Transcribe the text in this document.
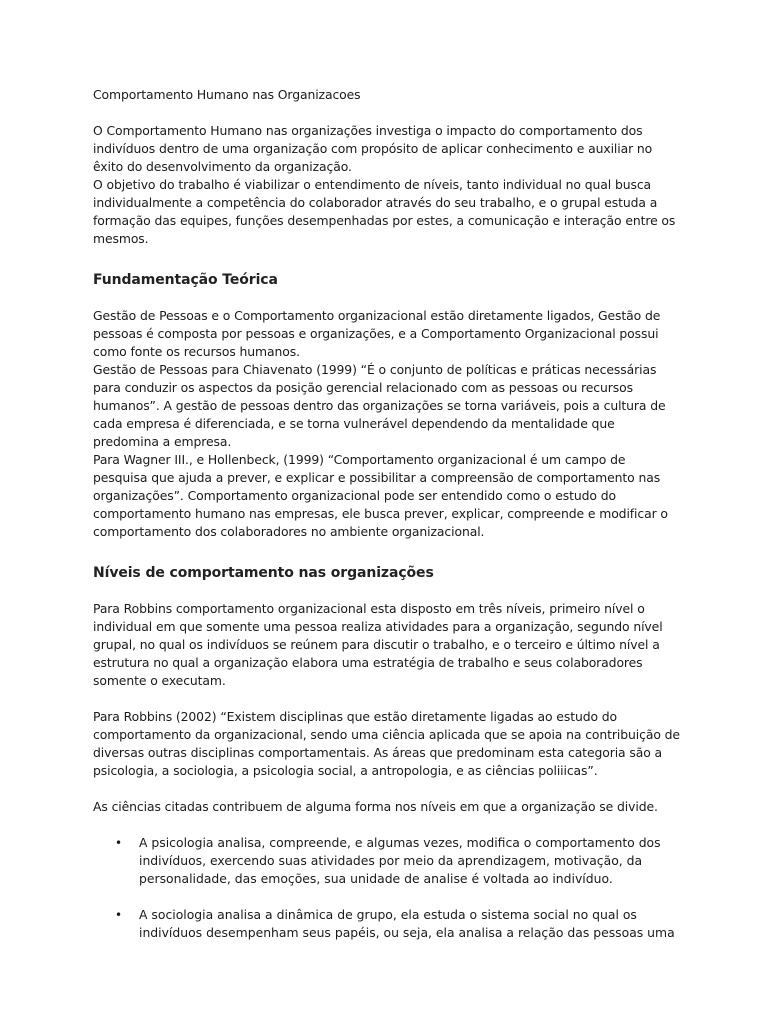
Comportamento Humano nas Organizacoes

O Comportamento Humano nas organizações investiga o impacto do comportamento dos indivíduos dentro de uma organização com propósito de aplicar conhecimento e auxiliar no êxito do desenvolvimento da organização.

O objetivo do trabalho é viabilizar o entendimento de níveis, tanto individual no qual busca individualmente a competência do colaborador através do seu trabalho, e o grupal estuda a formação das equipes, funções desempenhadas por estes, a comunicação e interação entre os mesmos.

Fundamentação Teórica

Gestão de Pessoas e o Comportamento organizacional estão diretamente ligados, Gestão de pessoas é composta por pessoas e organizações, e a Comportamento Organizacional possui como fonte os recursos humanos.

Gestão de Pessoas para Chiavenato (1999) “É o conjunto de políticas e práticas necessárias para conduzir os aspectos da posição gerencial relacionado com as pessoas ou recursos humanos”. A gestão de pessoas dentro das organizações se torna variáveis, pois a cultura de cada empresa é diferenciada, e se torna vulnerável dependendo da mentalidade que predomina a empresa.

Para Wagner III., e Hollenbeck, (1999) “Comportamento organizacional é um campo de pesquisa que ajuda a prever, e explicar e possibilitar a compreensão de comportamento nas organizações”. Comportamento organizacional pode ser entendido como o estudo do comportamento humano nas empresas, ele busca prever, explicar, compreende e modificar o comportamento dos colaboradores no ambiente organizacional.

Níveis de comportamento nas organizações

Para Robbins comportamento organizacional esta disposto em três níveis, primeiro nível o individual em que somente uma pessoa realiza atividades para a organização, segundo nível grupal, no qual os indivíduos se reúnem para discutir o trabalho, e o terceiro e último nível a estrutura no qual a organização elabora uma estratégia de trabalho e seus colaboradores somente o executam.

Para Robbins (2002) “Existem disciplinas que estão diretamente ligadas ao estudo do comportamento da organizacional, sendo uma ciência aplicada que se apoia na contribuição de diversas outras disciplinas comportamentais. As áreas que predominam esta categoria são a psicologia, a sociologia, a psicologia social, a antropologia, e as ciências poliiicas”.

As ciências citadas contribuem de alguma forma nos níveis em que a organização se divide.

• A psicologia analisa, compreende, e algumas vezes, modifica o comportamento dos indivíduos, exercendo suas atividades por meio da aprendizagem, motivação, da personalidade, das emoções, sua unidade de analise é voltada ao indivíduo.
• A sociologia analisa a dinâmica de grupo, ela estuda o sistema social no qual os indivíduos desempenham seus papéis, ou seja, ela analisa a relação das pessoas uma
